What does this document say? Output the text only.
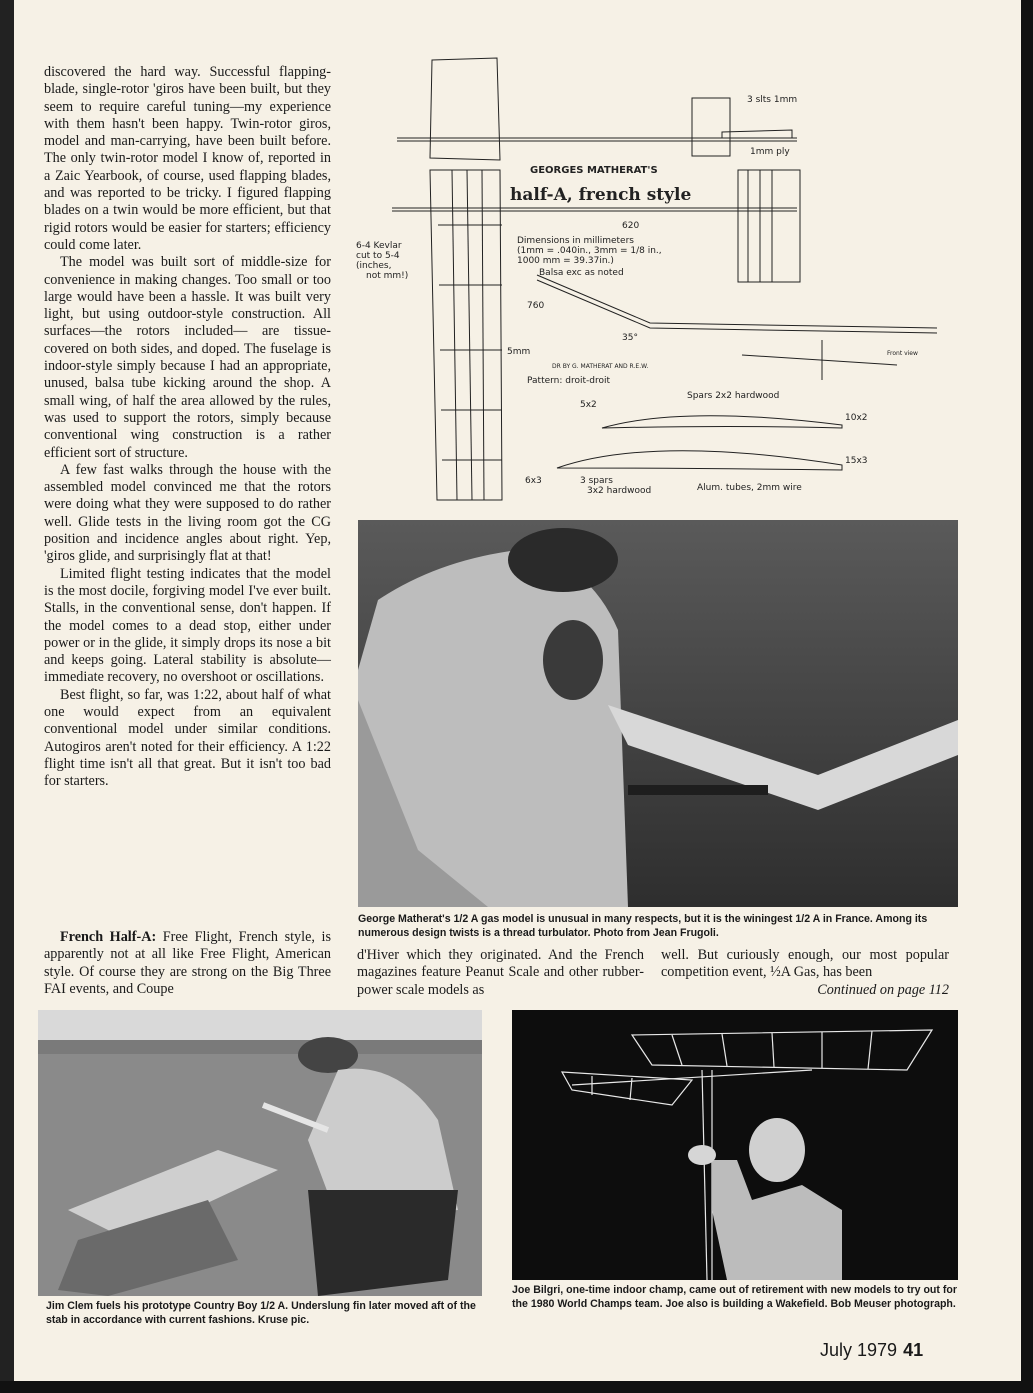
discovered the hard way. Successful flapping-blade, single-rotor 'giros have been built, but they seem to require careful tuning—my experience with them hasn't been happy. Twin-rotor giros, model and man-carrying, have been built before. The only twin-rotor model I know of, reported in a Zaic Yearbook, of course, used flapping blades, and was reported to be tricky. I figured flapping blades on a twin would be more efficient, but that rigid rotors would be easier for starters; efficiency could come later.

The model was built sort of middle-size for convenience in making changes. Too small or too large would have been a hassle. It was built very light, but using outdoor-style construction. All surfaces—the rotors included— are tissue-covered on both sides, and doped. The fuselage is indoor-style simply because I had an appropriate, unused, balsa tube kicking around the shop. A small wing, of half the area allowed by the rules, was used to support the rotors, simply because conventional wing construction is a rather efficient sort of structure.

A few fast walks through the house with the assembled model convinced me that the rotors were doing what they were supposed to do rather well. Glide tests in the living room got the CG position and incidence angles about right. Yep, 'giros glide, and surprisingly flat at that!

Limited flight testing indicates that the model is the most docile, forgiving model I've ever built. Stalls, in the conventional sense, don't happen. If the model comes to a dead stop, either under power or in the glide, it simply drops its nose a bit and keeps going. Lateral stability is absolute—immediate recovery, no overshoot or oscillations.

Best flight, so far, was 1:22, about half of what one would expect from an equivalent conventional model under similar conditions. Autogiros aren't noted for their efficiency. A 1:22 flight time isn't all that great. But it isn't too bad for starters.

French Half-A: Free Flight, French style, is apparently not at all like Free Flight, American style. Of course they are strong on the Big Three FAI events, and Coupe

d'Hiver which they originated. And the French magazines feature Peanut Scale and other rubber-power scale models as

well. But curiously enough, our most popular competition event, ½A Gas, has been

Continued on page 112
GEORGES MATHERAT'S
half-A, french style
Dimensions in millimeters
(1mm = .040in., 3mm = 1/8 in.,
1000 mm = 39.37in.)
Balsa exc as noted
6-4 Kevlar
cut to 5-4
(inches,
not mm!)
3 slts 1mm
1mm ply
DR BY G. MATHERAT AND R.E.W.
Pattern: droit-droit
Spars 2x2 hardwood
3 spars
3x2 hardwood	Alum. tubes, 2mm wire
5mm
5x2
6x3
10x2
15x3
35°
620
760
Front view
George Matherat's 1/2 A gas model is unusual in many respects, but it is the winingest 1/2 A in France. Among its numerous design twists is a thread turbulator. Photo from Jean Frugoli.
Jim Clem fuels his prototype Country Boy 1/2 A. Underslung fin later moved aft of the stab in accordance with current fashions. Kruse pic.
Joe Bilgri, one-time indoor champ, came out of retirement with new models to try out for the 1980 World Champs team. Joe also is building a Wakefield. Bob Meuser photograph.
July 1979 41
